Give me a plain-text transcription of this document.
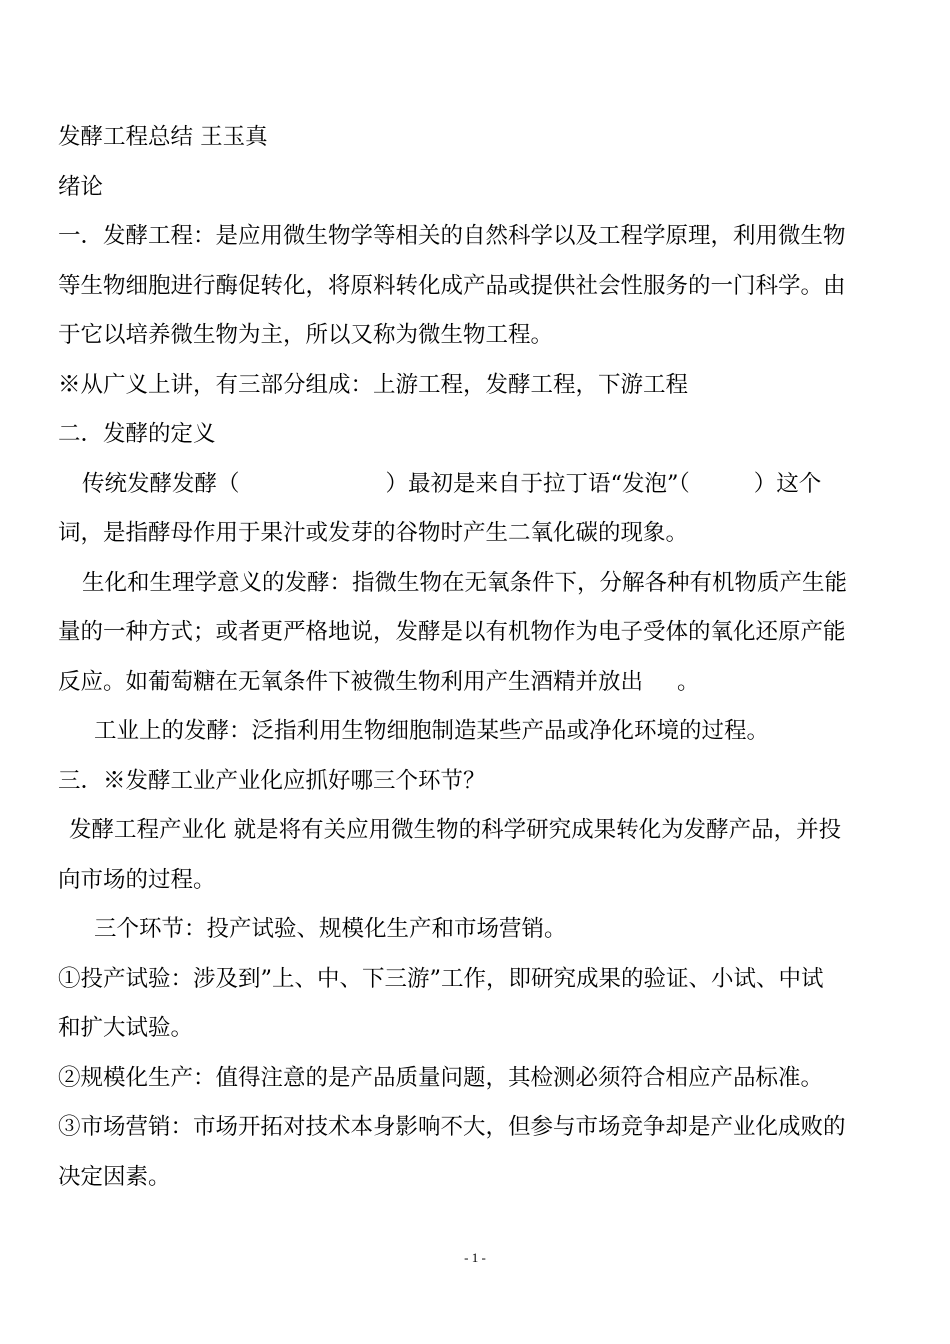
发酵工程总结 王玉真
绪论
一．发酵工程：是应用微生物学等相关的自然科学以及工程学原理，利用微生物
等生物细胞进行酶促转化，将原料转化成产品或提供社会性服务的一门科学。由
于它以培养微生物为主，所以又称为微生物工程。
※从广义上讲，有三部分组成：上游工程，发酵工程，下游工程
二．发酵的定义
传统发酵发酵（	）最初是来自于拉丁语“发泡”（	）这个
词，是指酵母作用于果汁或发芽的谷物时产生二氧化碳的现象。
生化和生理学意义的发酵：指微生物在无氧条件下，分解各种有机物质产生能
量的一种方式；或者更严格地说，发酵是以有机物作为电子受体的氧化还原产能
反应。如葡萄糖在无氧条件下被微生物利用产生酒精并放出 。
工业上的发酵：泛指利用生物细胞制造某些产品或净化环境的过程。
三．※发酵工业产业化应抓好哪三个环节？
发酵工程产业化 就是将有关应用微生物的科学研究成果转化为发酵产品，并投
向市场的过程。
三个环节：投产试验、规模化生产和市场营销。
①投产试验：涉及到”上、中、下三游”工作，即研究成果的验证、小试、中试
和扩大试验。
②规模化生产：值得注意的是产品质量问题，其检测必须符合相应产品标准。
③市场营销：市场开拓对技术本身影响不大，但参与市场竞争却是产业化成败的
决定因素。
- 1 -
